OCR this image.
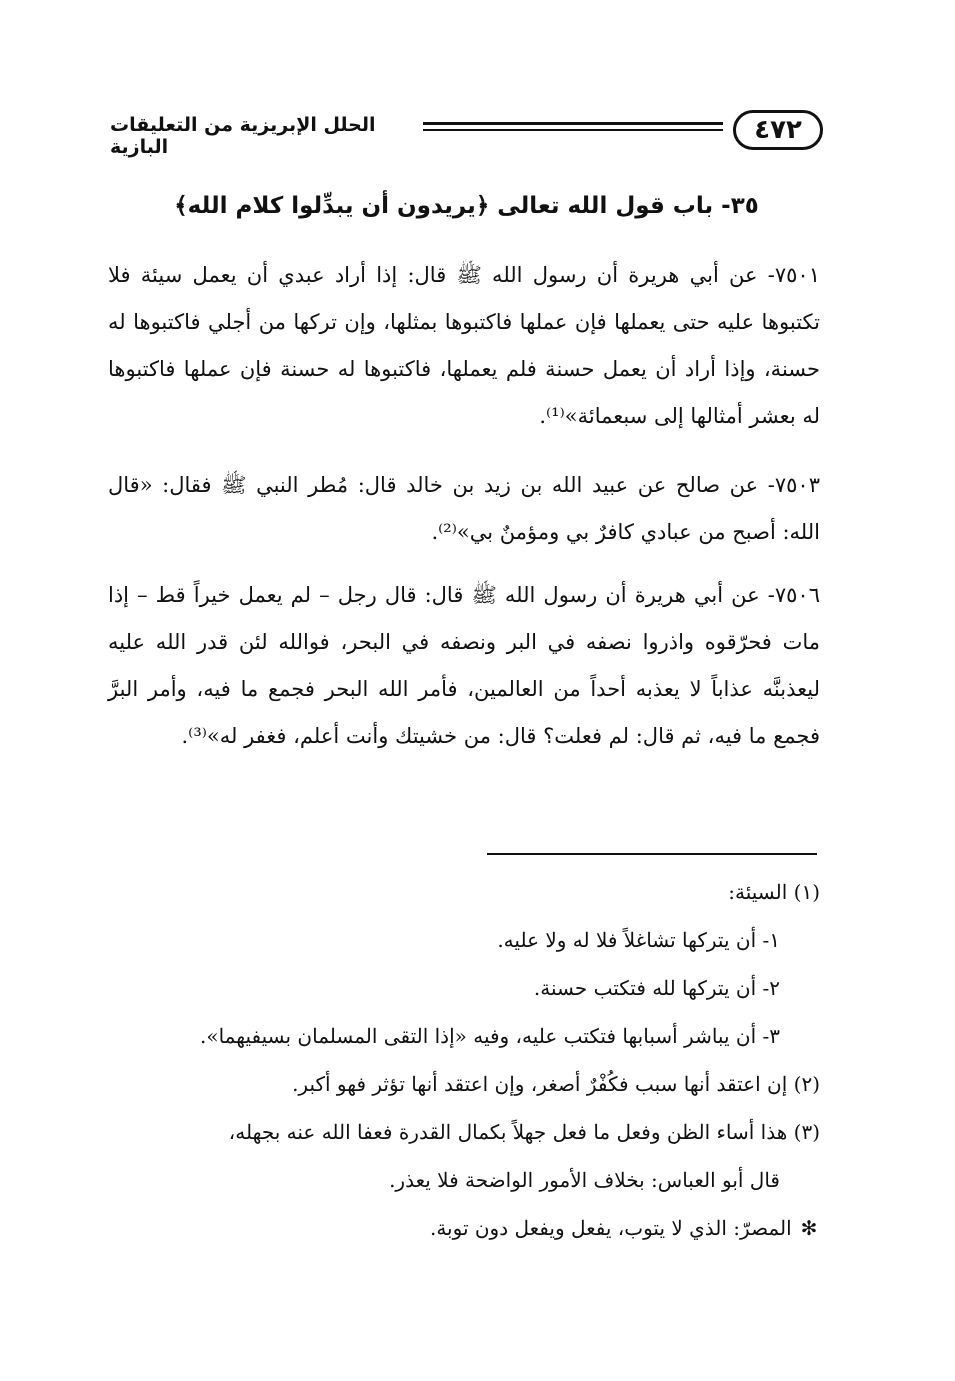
٤٧٢
الحلل الإبريزية من التعليقات البازية
٣٥- باب قول الله تعالى ﴿يريدون أن يبدِّلوا كلام الله﴾
٧٥٠١- عن أبي هريرة أن رسول الله ﷺ قال: إذا أراد عبدي أن يعمل سيئة فلا تكتبوها عليه حتى يعملها فإن عملها فاكتبوها بمثلها، وإن تركها من أجلي فاكتبوها له حسنة، وإذا أراد أن يعمل حسنة فلم يعملها، فاكتبوها له حسنة فإن عملها فاكتبوها له بعشر أمثالها إلى سبعمائة»⁽¹⁾.
٧٥٠٣- عن صالح عن عبيد الله بن زيد بن خالد قال: مُطر النبي ﷺ فقال: «قال الله: أصبح من عبادي كافرٌ بي ومؤمنٌ بي»⁽²⁾.
٧٥٠٦- عن أبي هريرة أن رسول الله ﷺ قال: قال رجل – لم يعمل خيراً قط – إذا مات فحرّقوه واذروا نصفه في البر ونصفه في البحر، فوالله لئن قدر الله عليه ليعذبنَّه عذاباً لا يعذبه أحداً من العالمين، فأمر الله البحر فجمع ما فيه، وأمر البرَّ فجمع ما فيه، ثم قال: لم فعلت؟ قال: من خشيتك وأنت أعلم، فغفر له»⁽³⁾.
(١) السيئة:
١- أن يتركها تشاغلاً فلا له ولا عليه.
٢- أن يتركها لله فتكتب حسنة.
٣- أن يباشر أسبابها فتكتب عليه، وفيه «إذا التقى المسلمان بسيفيهما».
(٢) إن اعتقد أنها سبب فكُفْرٌ أصغر، وإن اعتقد أنها تؤثر فهو أكبر.
(٣) هذا أساء الظن وفعل ما فعل جهلاً بكمال القدرة فعفا الله عنه بجهله،
قال أبو العباس: بخلاف الأمور الواضحة فلا يعذر.
✻ المصرّ: الذي لا يتوب، يفعل ويفعل دون توبة.
